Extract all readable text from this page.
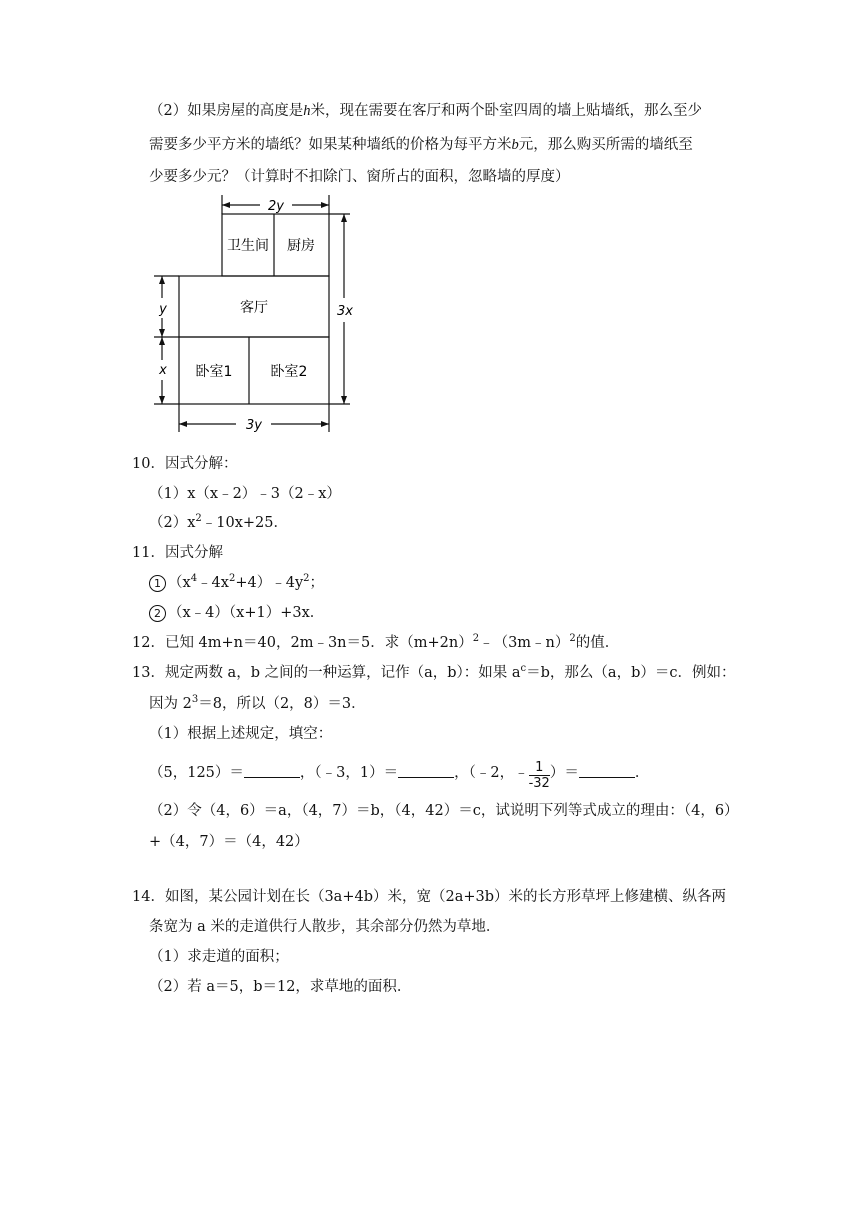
（2）如果房屋的高度是h米，现在需要在客厅和两个卧室四周的墙上贴墙纸，那么至少
需要多少平方米的墙纸？如果某种墙纸的价格为每平方米b元，那么购买所需的墙纸至
少要多少元？（计算时不扣除门、窗所占的面积，忽略墙的厚度）
卫生间 厨房
客厅
卧室1	卧室2
2y
3y
3x
y
x
10．因式分解：
（1）x（x﹣2）﹣3（2﹣x）
$(2)x^2﹣10x+25$．
11．因式分解
1 $(x^4﹣4x^2+4)﹣4y^2$；
2 （x﹣4）（x+1）+3x．
12．已知 4m+n＝40，2m﹣3n＝5．求$(m+2n)^2﹣(3m﹣n)^2$的值．
13．规定两数 a，b 之间的一种运算，记作（a，b）：如果 $a^c=b$，那么（a，b）＝c．例如：
因为 $2^3=8$，所以（2，8）＝3．
（1）根据上述规定，填空：
（5，125）＝	，（﹣3，1）＝	，（﹣2，﹣ $\frac{1}{-32}$ ）＝	．
（2）令（4，6）＝a，（4，7）＝b，（4，42）＝c，试说明下列等式成立的理由：（4，6）
+（4，7）＝（4，42）
14．如图，某公园计划在长（3a+4b）米，宽（2a+3b）米的长方形草坪上修建横、纵各两
条宽为 a 米的走道供行人散步，其余部分仍然为草地．
（1）求走道的面积；
（2）若 a＝5，b＝12，求草地的面积．
